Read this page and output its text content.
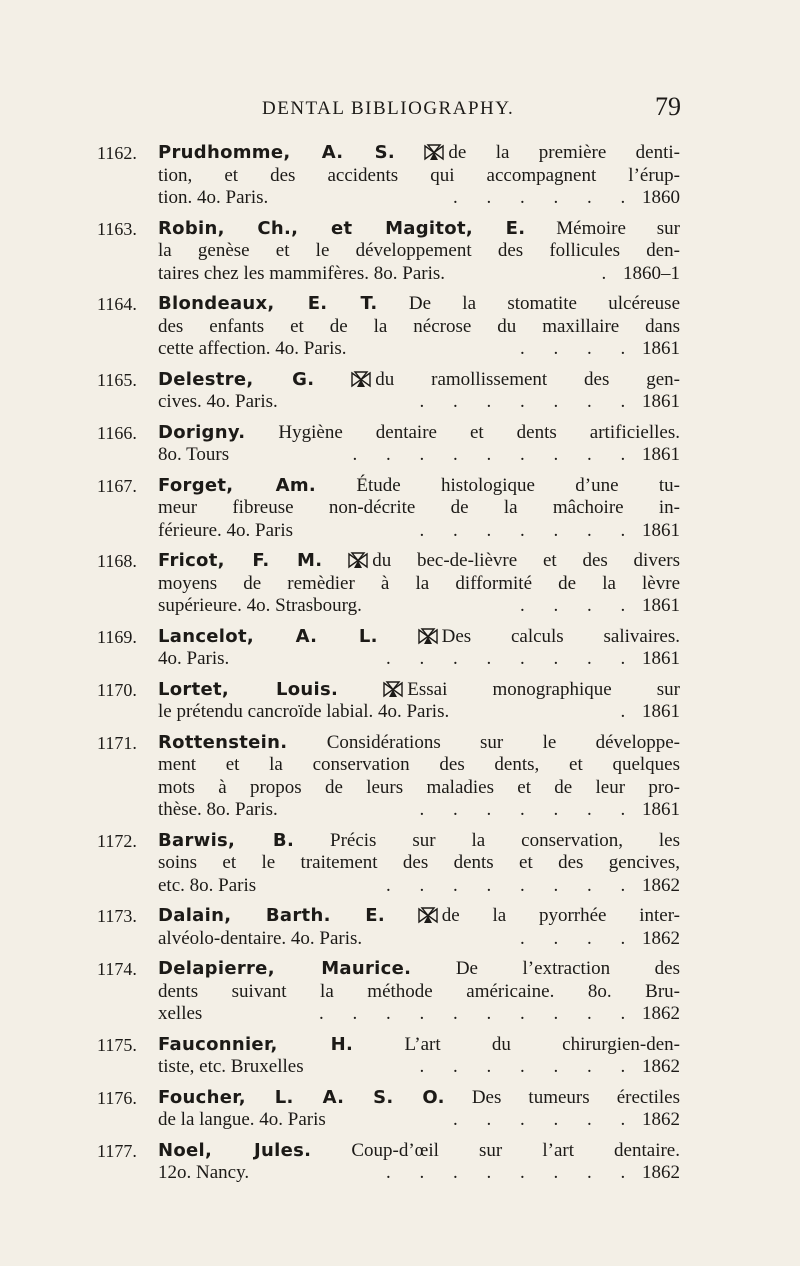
DENTAL BIBLIOGRAPHY.	79
1162. Prudhomme, A. S.	de la première denti-
tion, et des accidents qui accompagnent l’érup-
tion. 4o. Paris.	. . . . . . 1860
1163. Robin, Ch., et Magitot, E. Mémoire sur
la genèse et le développement des follicules den-
taires chez les mammifères. 8o. Paris.	. 1860–1
1164. Blondeaux, E. T. De la stomatite ulcéreuse
des enfants et de la nécrose du maxillaire dans
cette affection. 4o. Paris.	. . . . 1861
1165. Delestre, G.	du ramollissement des gen-
cives. 4o. Paris.	. . . . . . . 1861
1166. Dorigny. Hygiène dentaire et dents artificielles.
8o. Tours	. . . . . . . . . 1861
1167. Forget, Am. Étude histologique d’une tu-
meur fibreuse non-décrite de la mâchoire in-
férieure. 4o. Paris	. . . . . . . 1861
1168. Fricot, F. M.	du bec-de-lièvre et des divers
moyens de remèdier à la difformité de la lèvre
supérieure. 4o. Strasbourg.	. . . . 1861
1169. Lancelot, A. L.	Des calculs salivaires.
4o. Paris.	. . . . . . . . 1861
1170. Lortet, Louis.	Essai monographique sur
le prétendu cancroïde labial. 4o. Paris.	. 1861
1171. Rottenstein. Considérations sur le développe-
ment et la conservation des dents, et quelques
mots à propos de leurs maladies et de leur pro-
thèse. 8o. Paris.	. . . . . . . 1861
1172. Barwis, B. Précis sur la conservation, les
soins et le traitement des dents et des gencives,
etc. 8o. Paris	. . . . . . . . 1862
1173. Dalain, Barth. E.	de la pyorrhée inter-
alvéolo-dentaire. 4o. Paris.	. . . . 1862
1174. Delapierre, Maurice. De l’extraction des
dents suivant la méthode américaine. 8o. Bru-
xelles	. . . . . . . . . . 1862
1175. Fauconnier, H.	L’art du chirurgien-den-
tiste, etc. Bruxelles	. . . . . . . 1862
1176. Foucher, L. A. S. O. Des tumeurs érectiles
de la langue. 4o. Paris	. . . . . . 1862
1177. Noel, Jules. Coup-d’œil sur l’art dentaire.
12o. Nancy.	. . . . . . . . 1862
